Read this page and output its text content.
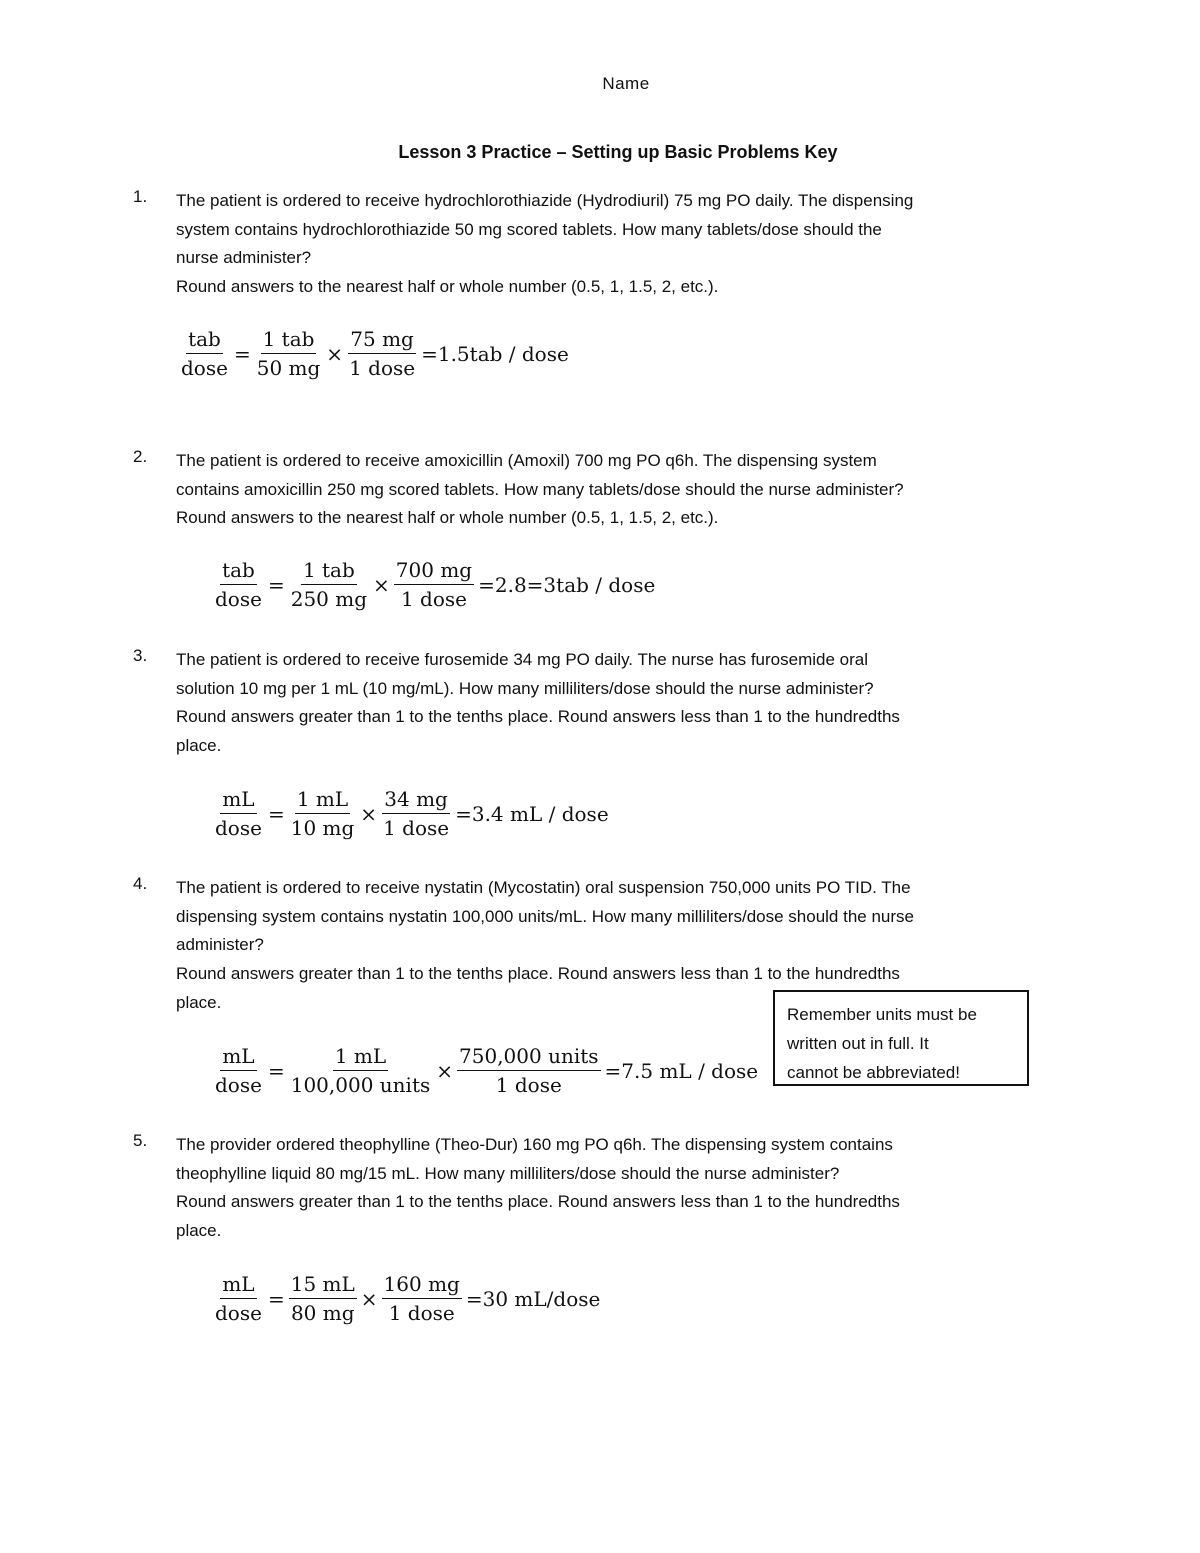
Name
Lesson 3 Practice – Setting up Basic Problems Key
1. The patient is ordered to receive hydrochlorothiazide (Hydrodiuril) 75 mg PO daily. The dispensing

system contains hydrochlorothiazide 50 mg scored tablets. How many tablets/dose should the

nurse administer?

Round answers to the nearest half or whole number (0.5, 1, 1.5, 2, etc.).

$\frac{\text{tab}}{\text{dose}} = \frac{\text{1 tab}}{50 mg} \times \frac{75 mg}{\text{1 dose}} =1.5tab$ / dose
2. The patient is ordered to receive amoxicillin (Amoxil) 700 mg PO q6h. The dispensing system

contains amoxicillin 250 mg scored tablets. How many tablets/dose should the nurse administer?

Round answers to the nearest half or whole number (0.5, 1, 1.5, 2, etc.).

$\frac{\text{tab}}{\text{dose}} = \frac{\text{1 tab}}{250 mg} \times \frac{700 mg}{\text{1 dose}} =2.8=3tab$ / dose
3. The patient is ordered to receive furosemide 34 mg PO daily. The nurse has furosemide oral

solution 10 mg per 1 mL (10 mg/mL). How many milliliters/dose should the nurse administer?

Round answers greater than 1 to the tenths place. Round answers less than 1 to the hundredths

place.

$\frac{mL}{\text{dose}} = \frac{1 mL}{10 mg} \times \frac{34 mg}{\text{1 dose}} =3.4$ mL / dose
4. The patient is ordered to receive nystatin (Mycostatin) oral suspension 750,000 units PO TID. The

dispensing system contains nystatin 100,000 units/mL. How many milliliters/dose should the nurse

administer?

Round answers greater than 1 to the tenths place. Round answers less than 1 to the hundredths

place.

$\frac{mL}{\text{dose}} = \frac{1 mL}{\text{100,000 units}} \times \frac{\text{750,000 units}}{\text{1 dose}} =7.5$ mL / dose
Remember units must be
written out in full. It
cannot be abbreviated!
5. The provider ordered theophylline (Theo-Dur) 160 mg PO q6h. The dispensing system contains

theophylline liquid 80 mg/15 mL. How many milliliters/dose should the nurse administer?

Round answers greater than 1 to the tenths place. Round answers less than 1 to the hundredths

place.

$\frac{mL}{\text{dose}} = \frac{15 mL}{80 mg} \times \frac{160 mg}{\text{1 dose}} =30$ mL/dose
